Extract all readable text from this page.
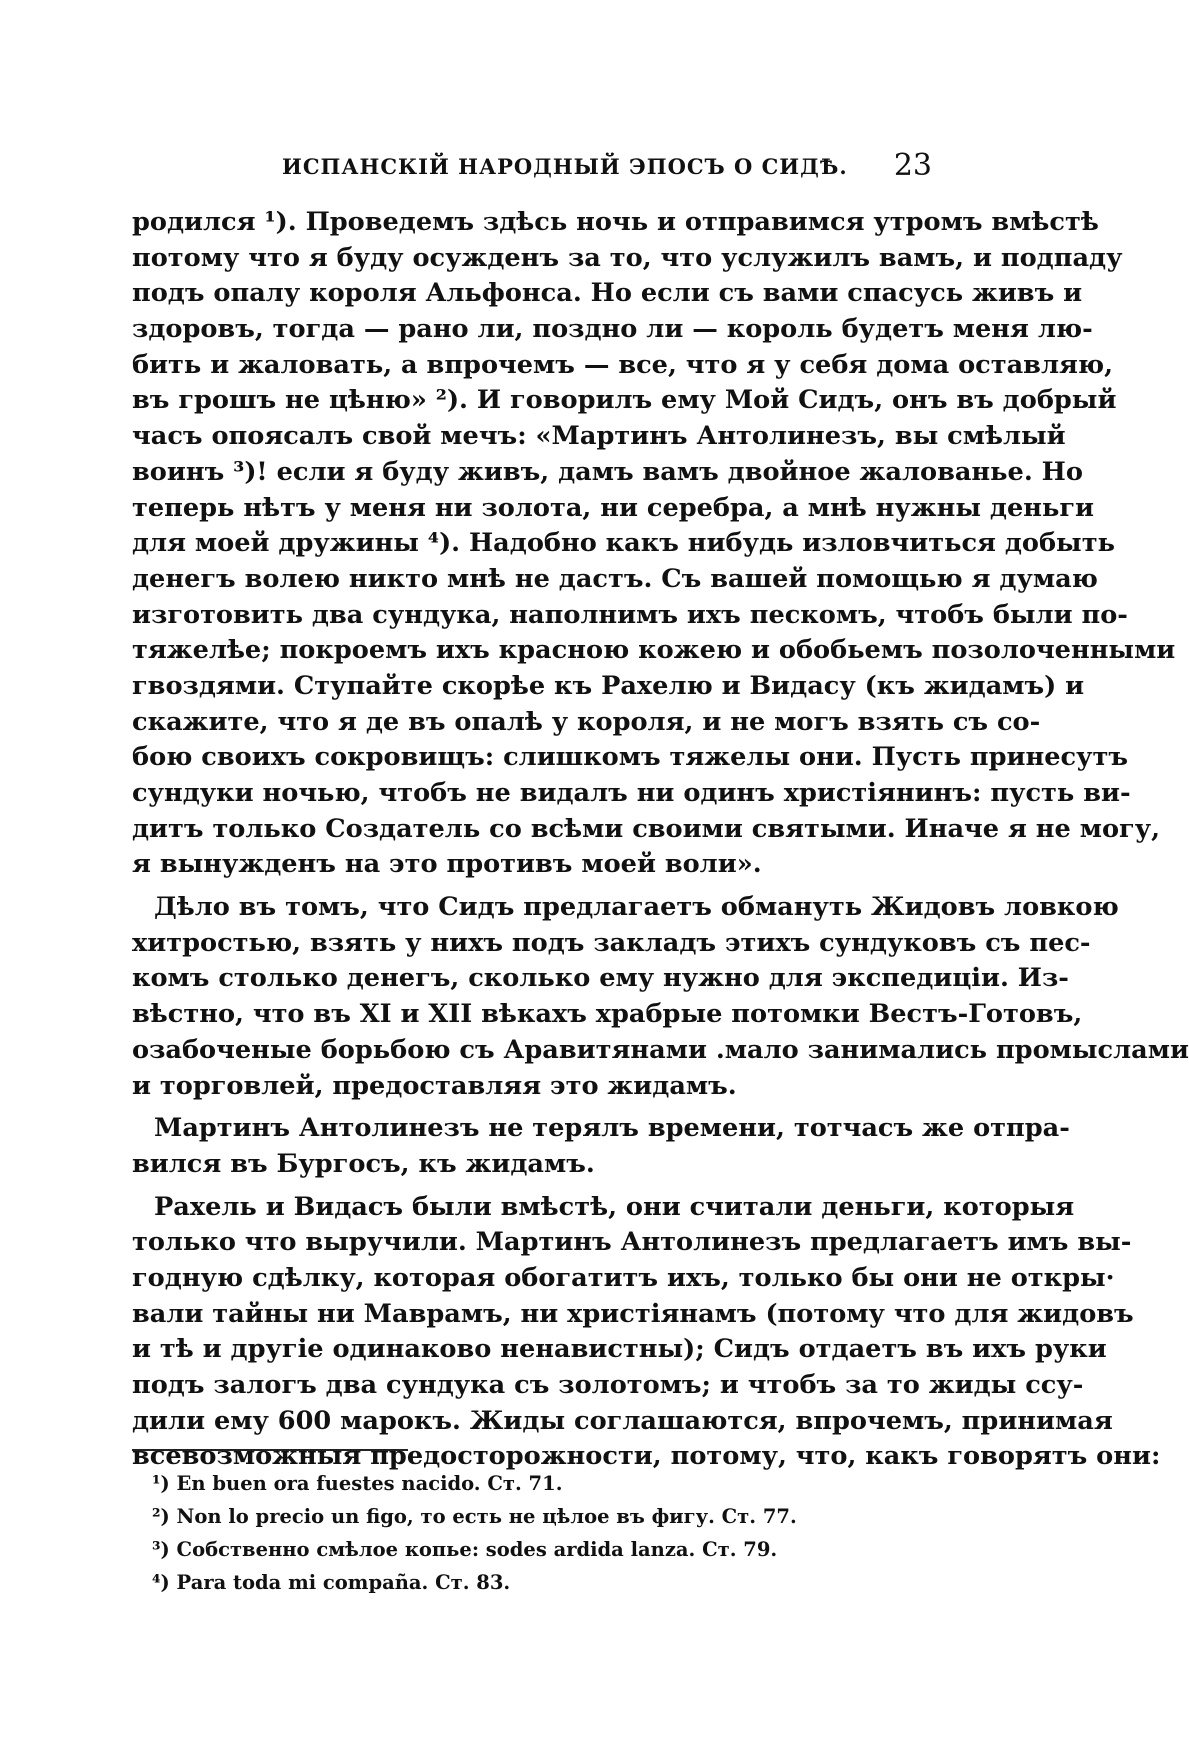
ИСПАНСКІЙ НАРОДНЫЙ ЭПОСЪ О СИДѢ. 23
родился ¹). Проведемъ здѣсь ночь и отправимся утромъ вмѣстѣ
потому что я буду осужденъ за то, что услужилъ вамъ, и подпаду
подъ опалу короля Альфонса. Но если съ вами спасусь живъ и
здоровъ, тогда — рано ли, поздно ли — король будетъ меня лю-
бить и жаловать, а впрочемъ — все, что я у себя дома оставляю,
въ грошъ не цѣню» ²). И говорилъ ему Мой Сидъ, онъ въ добрый
часъ опоясалъ свой мечъ: «Мартинъ Антолинезъ, вы смѣлый
воинъ ³)! если я буду живъ, дамъ вамъ двойное жалованье. Но
теперь нѣтъ у меня ни золота, ни серебра, а мнѣ нужны деньги
для моей дружины ⁴). Надобно какъ нибудь изловчиться добыть
денегъ волею никто мнѣ не дастъ. Съ вашей помощью я думаю
изготовить два сундука, наполнимъ ихъ пескомъ, чтобъ были по-
тяжелѣе; покроемъ ихъ красною кожею и обобьемъ позолоченными
гвоздями. Ступайте скорѣе къ Рахелю и Видасу (къ жидамъ) и
скажите, что я де въ опалѣ у короля, и не могъ взять съ со-
бою своихъ сокровищъ: слишкомъ тяжелы они. Пусть принесутъ
сундуки ночью, чтобъ не видалъ ни одинъ христіянинъ: пусть ви-
дитъ только Создатель со всѣми своими святыми. Иначе я не могу,
я вынужденъ на это противъ моей воли».
Дѣло въ томъ, что Сидъ предлагаетъ обмануть Жидовъ ловкою
хитростью, взять у нихъ подъ закладъ этихъ сундуковъ съ пес-
комъ столько денегъ, сколько ему нужно для экспедиціи. Из-
вѣстно, что въ XI и XII вѣкахъ храбрые потомки Вестъ-Готовъ,
озабоченые борьбою съ Аравитянами .мало занимались промыслами
и торговлей, предоставляя это жидамъ.
Мартинъ Антолинезъ не терялъ времени, тотчасъ же отпра-
вился въ Бургосъ, къ жидамъ.
Рахель и Видасъ были вмѣстѣ, они считали деньги, которыя
только что выручили. Мартинъ Антолинезъ предлагаетъ имъ вы-
годную сдѣлку, которая обогатитъ ихъ, только бы они не откры·
вали тайны ни Маврамъ, ни христіянамъ (потому что для жидовъ
и тѣ и другіе одинаково ненавистны); Сидъ отдаетъ въ ихъ руки
подъ залогъ два сундука съ золотомъ; и чтобъ за то жиды ссу-
дили ему 600 марокъ. Жиды соглашаются, впрочемъ, принимая
всевозможныя предосторожности, потому, что, какъ говорятъ они:
¹) En buen ora fuestes nacido. Ст. 71.
²) Non lo precio un figo, то есть не цѣлое въ фигу. Ст. 77.
³) Собственно смѣлое копье: sodes ardida lanza. Ст. 79.
⁴) Para toda mi compaña. Ст. 83.
